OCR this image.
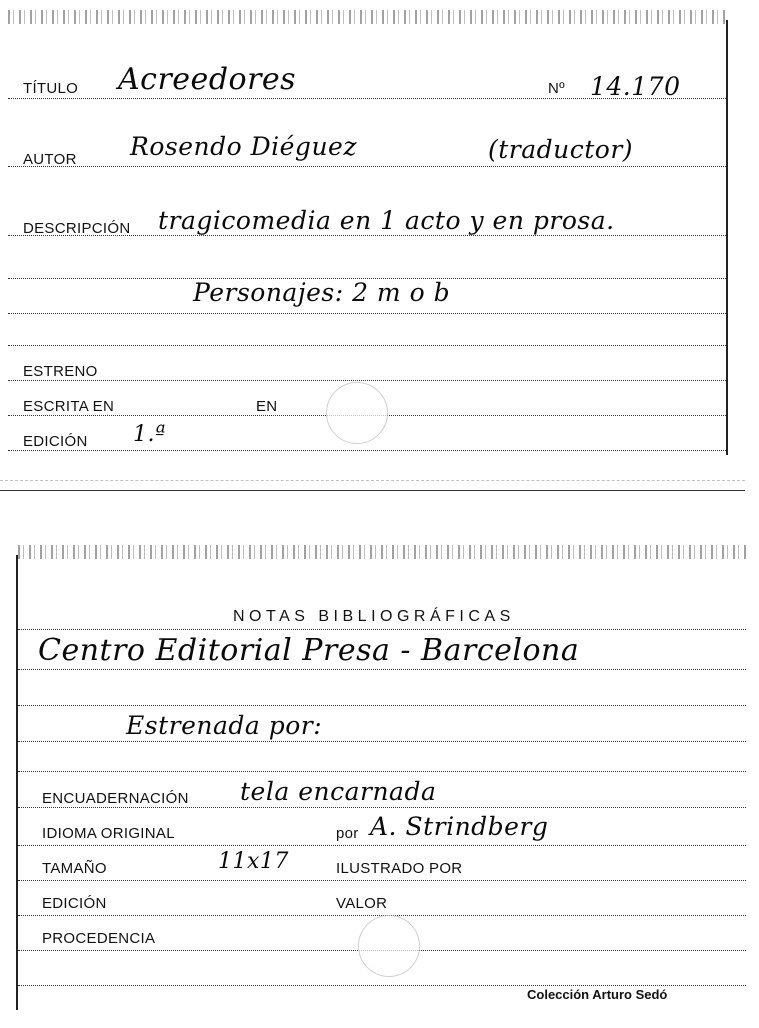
TÍTULO Acreedores	Nº 14.170
AUTOR Rosendo Diéguez	(traductor)
DESCRIPCIÓN tragicomedia en 1 acto y en prosa.
Personajes: 2 m o b
ESTRENO
ESCRITA EN	EN
EDICIÓN 1.ª
NOTAS BIBLIOGRÁFICAS
Centro Editorial Presa - Barcelona
Estrenada por:
ENCUADERNACIÓN tela encarnada
IDIOMA ORIGINAL	por A. Strindberg
TAMAÑO	11x17	ILUSTRADO POR
EDICIÓN	VALOR
PROCEDENCIA
Colección Arturo Sedó
